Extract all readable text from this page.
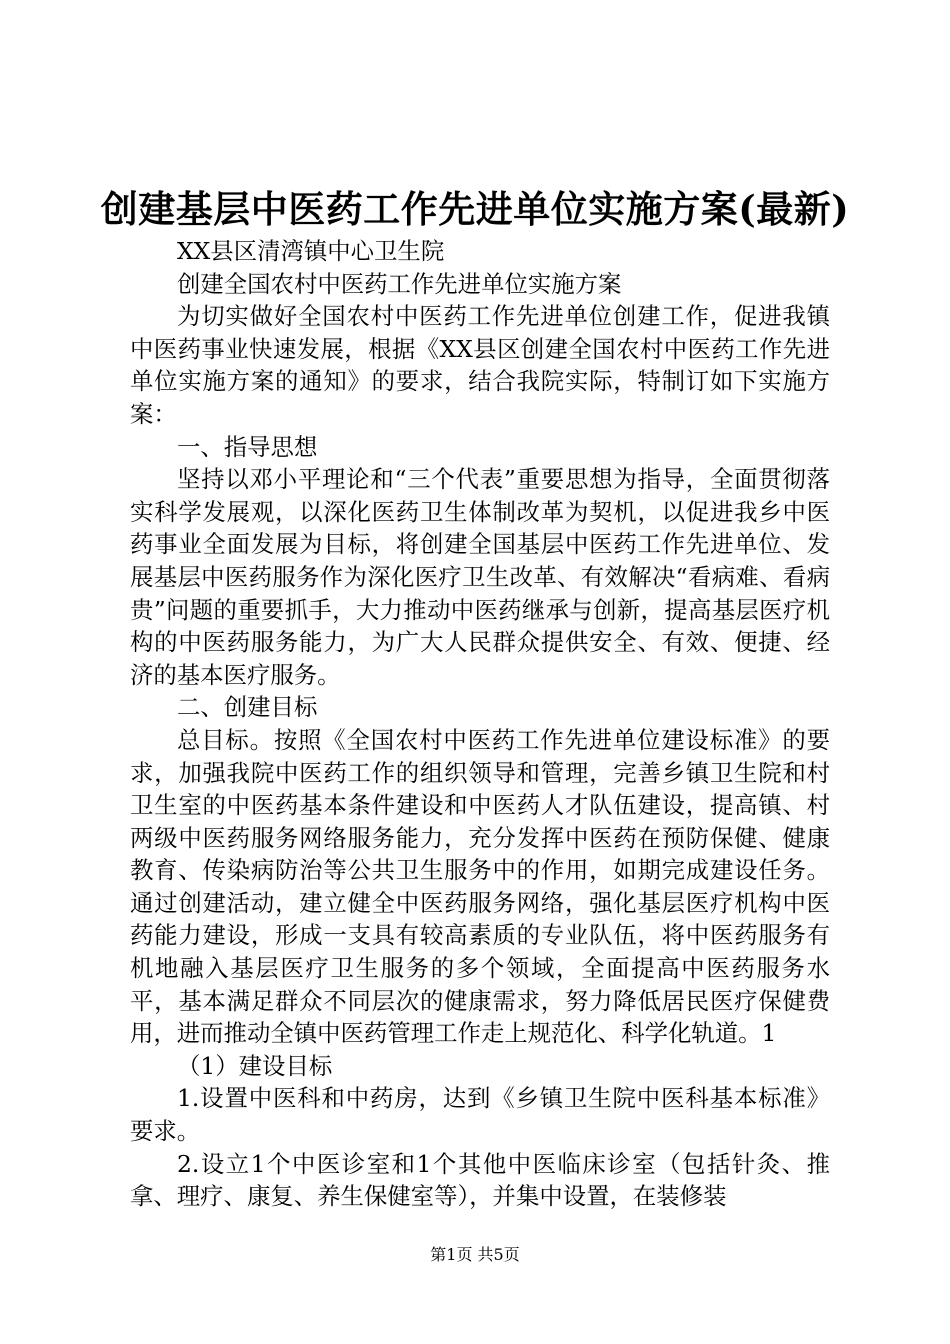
创建基层中医药工作先进单位实施方案(最新)

XX县区清湾镇中心卫生院

创建全国农村中医药工作先进单位实施方案

为切实做好全国农村中医药工作先进单位创建工作，促进我镇中医药事业快速发展，根据《XX县区创建全国农村中医药工作先进单位实施方案的通知》的要求，结合我院实际，特制订如下实施方案：

一、指导思想

坚持以邓小平理论和“三个代表”重要思想为指导，全面贯彻落实科学发展观，以深化医药卫生体制改革为契机，以促进我乡中医药事业全面发展为目标，将创建全国基层中医药工作先进单位、发展基层中医药服务作为深化医疗卫生改革、有效解决“看病难、看病贵”问题的重要抓手，大力推动中医药继承与创新，提高基层医疗机构的中医药服务能力，为广大人民群众提供安全、有效、便捷、经济的基本医疗服务。

二、创建目标

总目标。按照《全国农村中医药工作先进单位建设标准》的要求，加强我院中医药工作的组织领导和管理，完善乡镇卫生院和村卫生室的中医药基本条件建设和中医药人才队伍建设，提高镇、村两级中医药服务网络服务能力，充分发挥中医药在预防保健、健康教育、传染病防治等公共卫生服务中的作用，如期完成建设任务。通过创建活动，建立健全中医药服务网络，强化基层医疗机构中医药能力建设，形成一支具有较高素质的专业队伍，将中医药服务有机地融入基层医疗卫生服务的多个领域，全面提高中医药服务水平，基本满足群众不同层次的健康需求，努力降低居民医疗保健费用，进而推动全镇中医药管理工作走上规范化、科学化轨道。1

（1）建设目标

1.设置中医科和中药房，达到《乡镇卫生院中医科基本标准》要求。

2.设立1个中医诊室和1个其他中医临床诊室（包括针灸、推拿、理疗、康复、养生保健室等），并集中设置，在装修装

第1页 共5页
